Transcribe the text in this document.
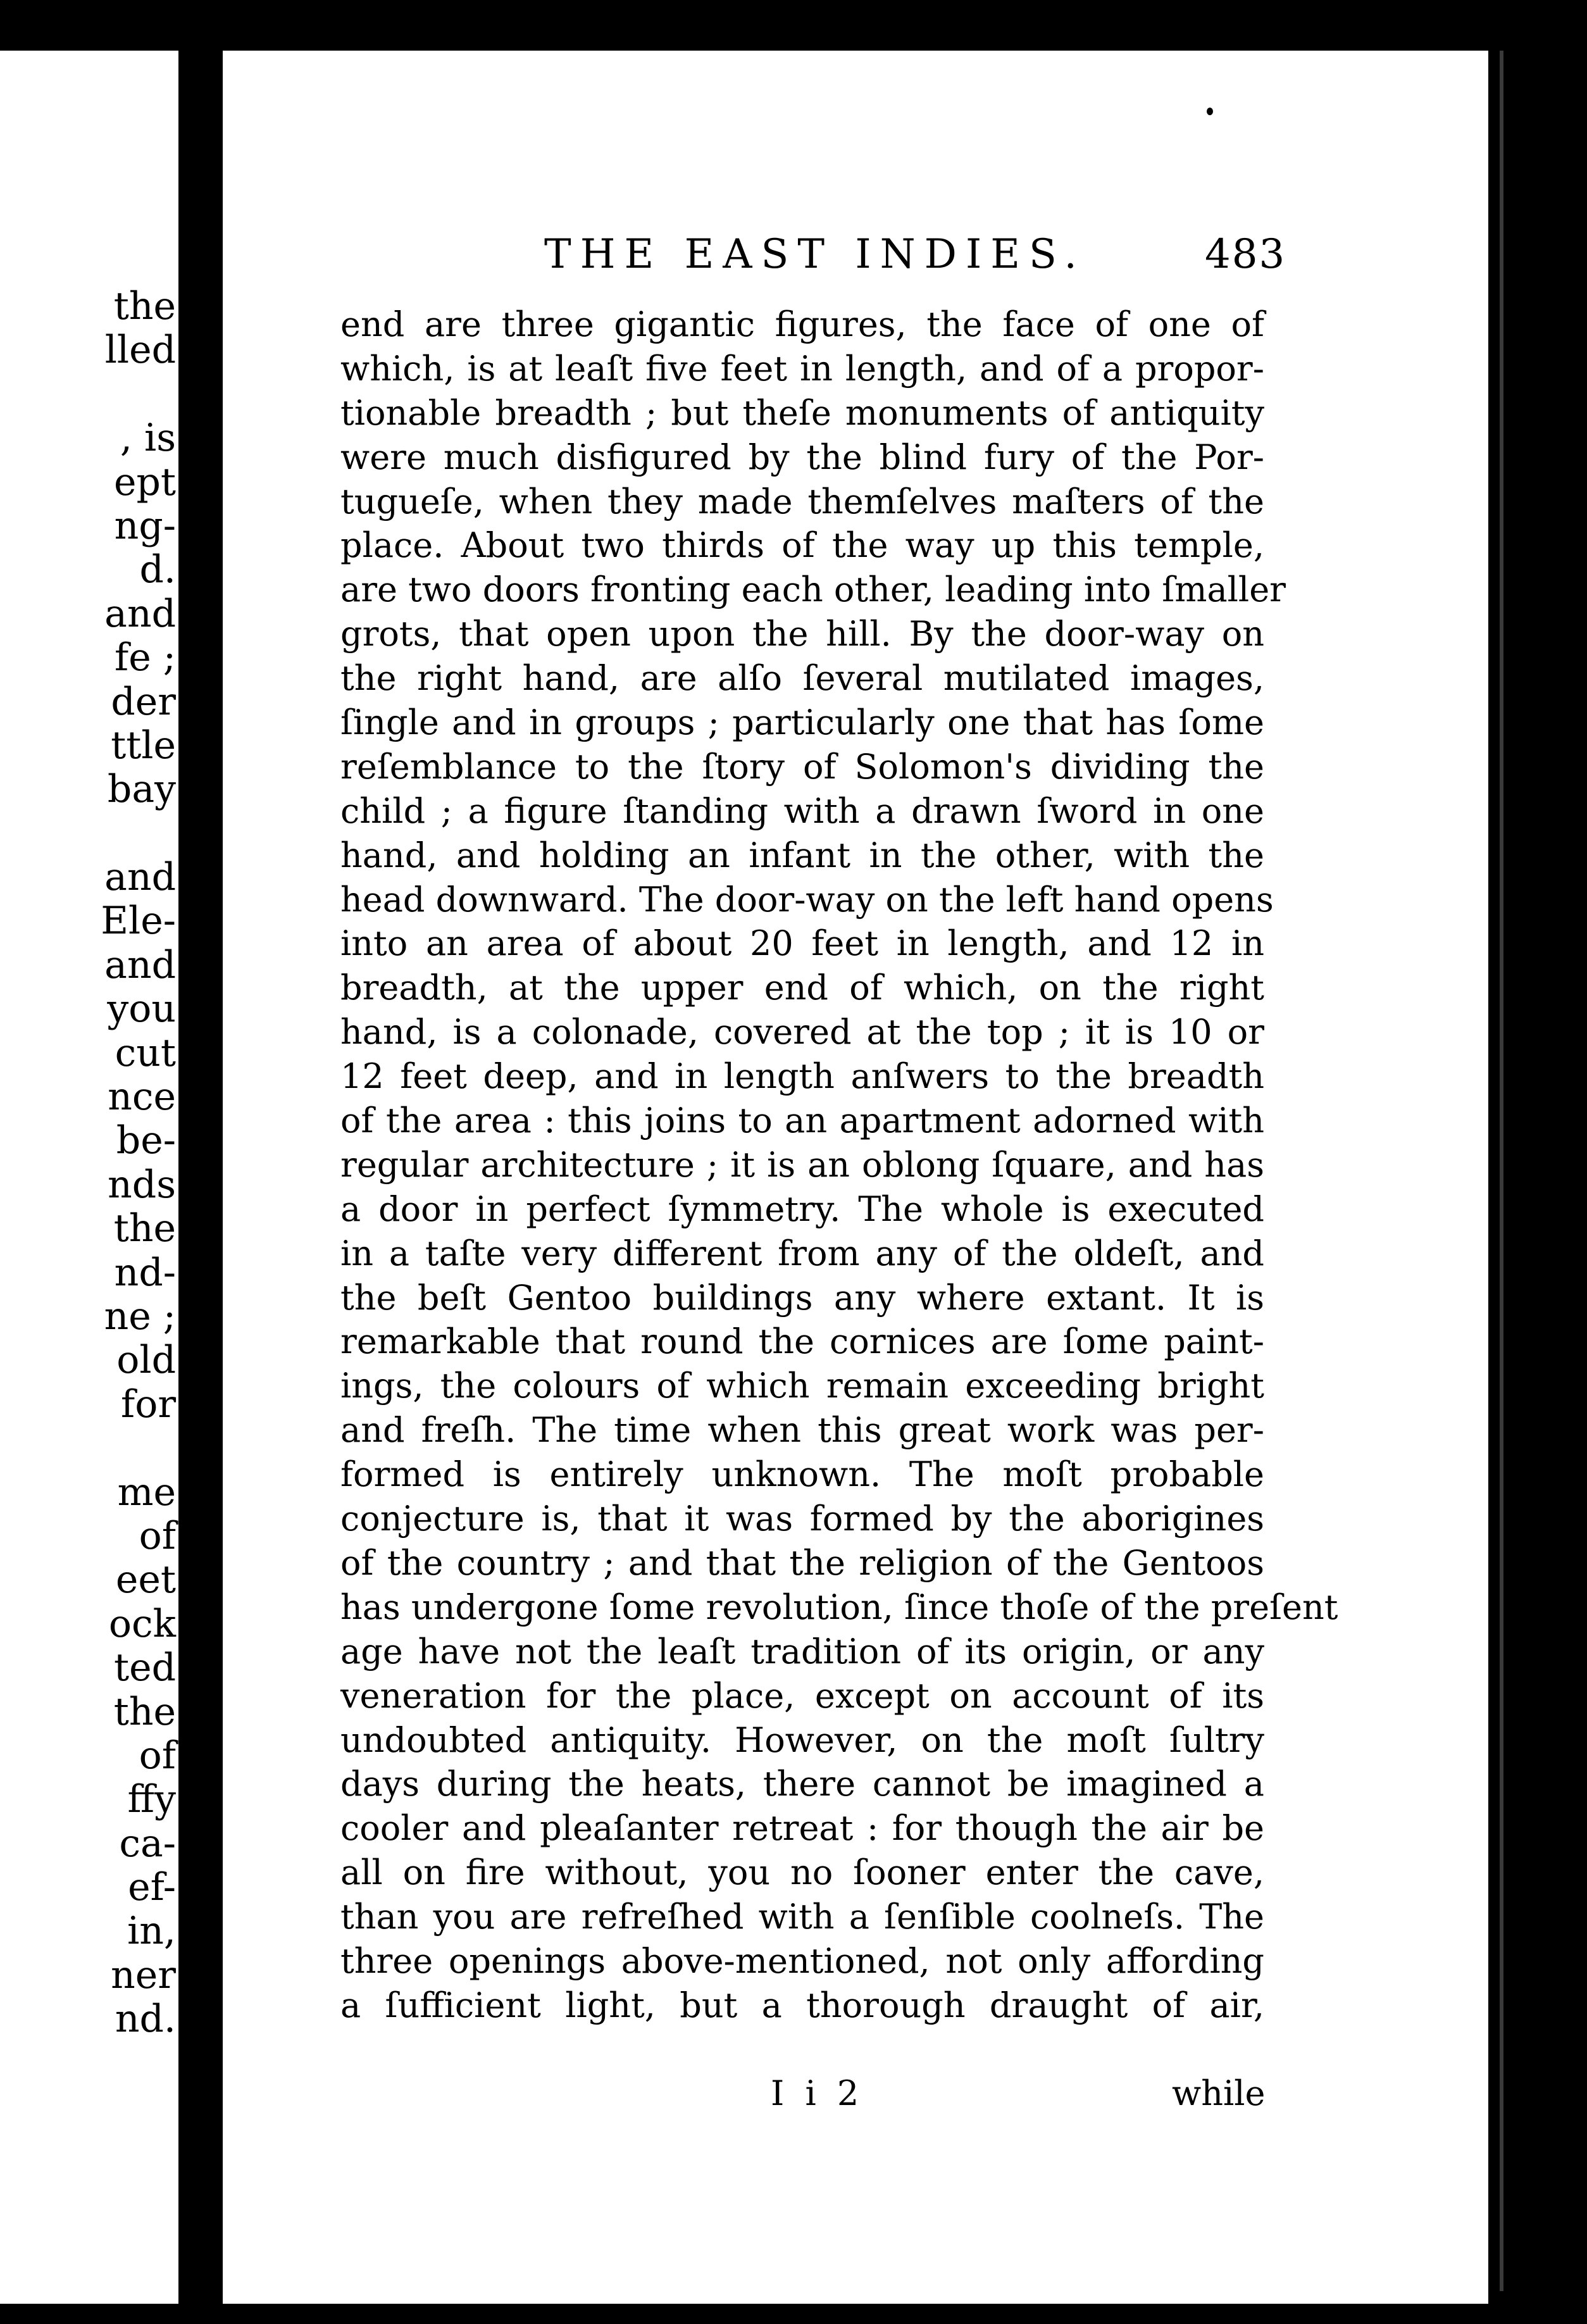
the
lled
, is
ept
ng-
d.
and
fe ;
der
ttle
bay
and
Ele-
and
you
cut
nce
be-
nds
the
nd-
ne ;
old
for
me
of
eet
ock
ted
the
of
ffy
ca-
ef-
in,
ner
nd.
THE EAST INDIES.	483
end are three gigantic figures, the face of one of
which, is at leaſt five feet in length, and of a propor-
tionable breadth ; but theſe monuments of antiquity
were much disfigured by the blind fury of the Por-
tugueſe, when they made themſelves maſters of the
place. About two thirds of the way up this temple,
are two doors fronting each other, leading into ſmaller
grots, that open upon the hill. By the door-way on
the right hand, are alſo ſeveral mutilated images,
ſingle and in groups ; particularly one that has ſome
reſemblance to the ſtory of Solomon's dividing the
child ; a figure ſtanding with a drawn ſword in one
hand, and holding an infant in the other, with the
head downward. The door-way on the left hand opens
into an area of about 20 feet in length, and 12 in
breadth, at the upper end of which, on the right
hand, is a colonade, covered at the top ; it is 10 or
12 feet deep, and in length anſwers to the breadth
of the area : this joins to an apartment adorned with
regular architecture ; it is an oblong ſquare, and has
a door in perfect ſymmetry. The whole is executed
in a taſte very different from any of the oldeſt, and
the beſt Gentoo buildings any where extant. It is
remarkable that round the cornices are ſome paint-
ings, the colours of which remain exceeding bright
and freſh. The time when this great work was per-
formed is entirely unknown. The moſt probable
conjecture is, that it was formed by the aborigines
of the country ; and that the religion of the Gentoos
has undergone ſome revolution, ſince thoſe of the preſent
age have not the leaſt tradition of its origin, or any
veneration for the place, except on account of its
undoubted antiquity. However, on the moſt ſultry
days during the heats, there cannot be imagined a
cooler and pleaſanter retreat : for though the air be
all on fire without, you no ſooner enter the cave,
than you are refreſhed with a ſenſible coolneſs. The
three openings above-mentioned, not only affording
a ſufficient light, but a thorough draught of air,
I i 2	while
